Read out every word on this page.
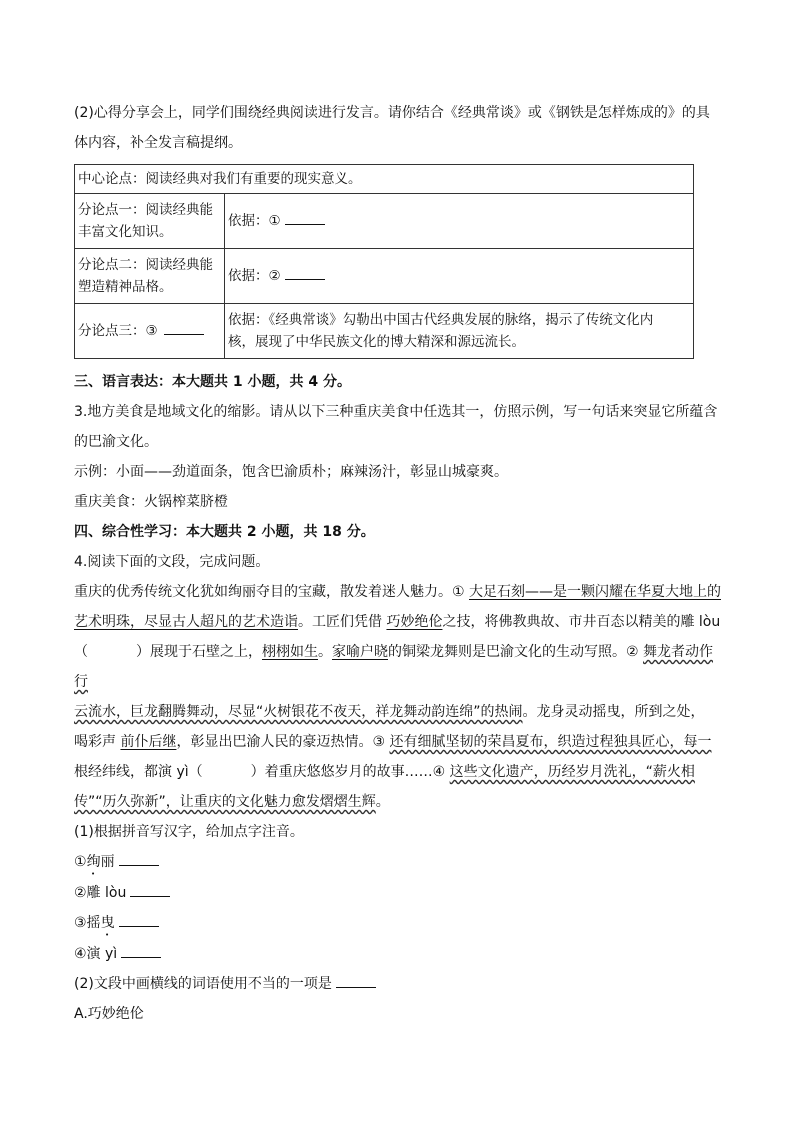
(2)心得分享会上，同学们围绕经典阅读进行发言。请你结合《经典常谈》或《钢铁是怎样炼成的》的具

体内容，补全发言稿提纲。

中心论点：阅读经典对我们有重要的现实意义。	

分论点一：阅读经典能
丰富文化知识。	依据：①

分论点二：阅读经典能
塑造精神品格。	依据：②
分论点三：③	依据：《经典常谈》勾勒出中国古代经典发展的脉络，揭示了传统文化内
核，展现了中华民族文化的博大精深和源远流长。

三、语言表达：本大题共 1 小题，共 4 分。

3.地方美食是地域文化的缩影。请从以下三种重庆美食中任选其一，仿照示例，写一句话来突显它所蕴含

的巴渝文化。

示例：小面——劲道面条，饱含巴渝质朴；麻辣汤汁，彰显山城豪爽。

重庆美食：火锅榨菜脐橙

四、综合性学习：本大题共 2 小题，共 18 分。

4.阅读下面的文段，完成问题。

重庆的优秀传统文化犹如绚丽夺目的宝藏，散发着迷人魅力。① 大足石刻——是一颗闪耀在华夏大地上的

艺术明珠，尽显古人超凡的艺术造诣。工匠们凭借 巧妙绝伦之技，将佛教典故、市井百态以精美的雕 lòu

（	）展现于石壁之上，栩栩如生。家喻户晓的铜梁龙舞则是巴渝文化的生动写照。② 舞龙者动作行

云流水，巨龙翻腾舞动，尽显“火树银花不夜天，祥龙舞动韵连绵”的热闹。龙身灵动摇曳，所到之处，

喝彩声 前仆后继，彰显出巴渝人民的豪迈热情。③ 还有细腻坚韧的荣昌夏布，织造过程独具匠心，每一

根经纬线，都演 yì（	）着重庆悠悠岁月的故事……④ 这些文化遗产，历经岁月洗礼，“薪火相

传”“历久弥新”，让重庆的文化魅力愈发熠熠生辉。

(1)根据拼音写汉字，给加点字注音。

①绚丽

②雕 lòu

③摇曳

④演 yì

(2)文段中画横线的词语使用不当的一项是

A.巧妙绝伦
